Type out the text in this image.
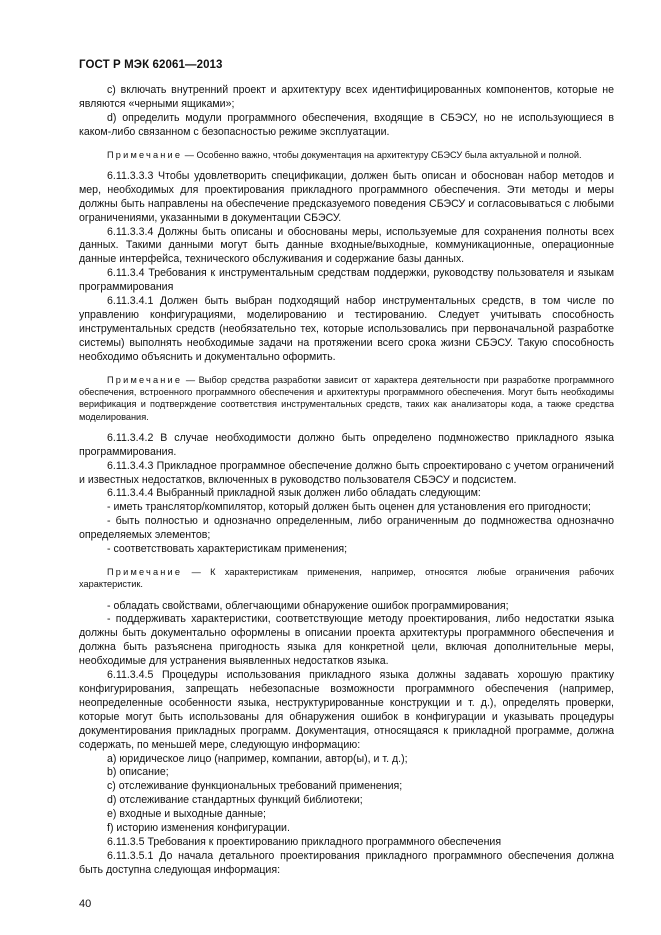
ГОСТ Р МЭК 62061—2013

c) включать внутренний проект и архитектуру всех идентифицированных компонентов, которые не являются «черными ящиками»;

d) определить модули программного обеспечения, входящие в СБЭСУ, но не использующиеся в каком-либо связанном с безопасностью режиме эксплуатации.

Примечание — Особенно важно, чтобы документация на архитектуру СБЭСУ была актуальной и полной.

6.11.3.3.3 Чтобы удовлетворить спецификации, должен быть описан и обоснован набор методов и мер, необходимых для проектирования прикладного программного обеспечения. Эти методы и меры должны быть направлены на обеспечение предсказуемого поведения СБЭСУ и согласовываться с любыми ограничениями, указанными в документации СБЭСУ.

6.11.3.3.4 Должны быть описаны и обоснованы меры, используемые для сохранения полноты всех данных. Такими данными могут быть данные входные/выходные, коммуникационные, операционные данные интерфейса, технического обслуживания и содержание базы данных.

6.11.3.4 Требования к инструментальным средствам поддержки, руководству пользователя и языкам программирования

6.11.3.4.1 Должен быть выбран подходящий набор инструментальных средств, в том числе по управлению конфигурациями, моделированию и тестированию. Следует учитывать способность инструментальных средств (необязательно тех, которые использовались при первоначальной разработке системы) выполнять необходимые задачи на протяжении всего срока жизни СБЭСУ. Такую способность необходимо объяснить и документально оформить.

Примечание — Выбор средства разработки зависит от характера деятельности при разработке программного обеспечения, встроенного программного обеспечения и архитектуры программного обеспечения. Могут быть необходимы верификация и подтверждение соответствия инструментальных средств, таких как анализаторы кода, а также средства моделирования.

6.11.3.4.2 В случае необходимости должно быть определено подмножество прикладного языка программирования.

6.11.3.4.3 Прикладное программное обеспечение должно быть спроектировано с учетом ограничений и известных недостатков, включенных в руководство пользователя СБЭСУ и подсистем.

6.11.3.4.4 Выбранный прикладной язык должен либо обладать следующим:

- иметь транслятор/компилятор, который должен быть оценен для установления его пригодности;

- быть полностью и однозначно определенным, либо ограниченным до подмножества однозначно определяемых элементов;

- соответствовать характеристикам применения;

Примечание — К характеристикам применения, например, относятся любые ограничения рабочих характеристик.

- обладать свойствами, облегчающими обнаружение ошибок программирования;

- поддерживать характеристики, соответствующие методу проектирования, либо недостатки языка должны быть документально оформлены в описании проекта архитектуры программного обеспечения и должна быть разъяснена пригодность языка для конкретной цели, включая дополнительные меры, необходимые для устранения выявленных недостатков языка.

6.11.3.4.5 Процедуры использования прикладного языка должны задавать хорошую практику конфигурирования, запрещать небезопасные возможности программного обеспечения (например, неопределенные особенности языка, неструктурированные конструкции и т. д.), определять проверки, которые могут быть использованы для обнаружения ошибок в конфигурации и указывать процедуры документирования прикладных программ. Документация, относящаяся к прикладной программе, должна содержать, по меньшей мере, следующую информацию:

a) юридическое лицо (например, компании, автор(ы), и т. д.);

b) описание;

c) отслеживание функциональных требований применения;

d) отслеживание стандартных функций библиотеки;

e) входные и выходные данные;

f) историю изменения конфигурации.

6.11.3.5 Требования к проектированию прикладного программного обеспечения

6.11.3.5.1 До начала детального проектирования прикладного программного обеспечения должна быть доступна следующая информация:

40
